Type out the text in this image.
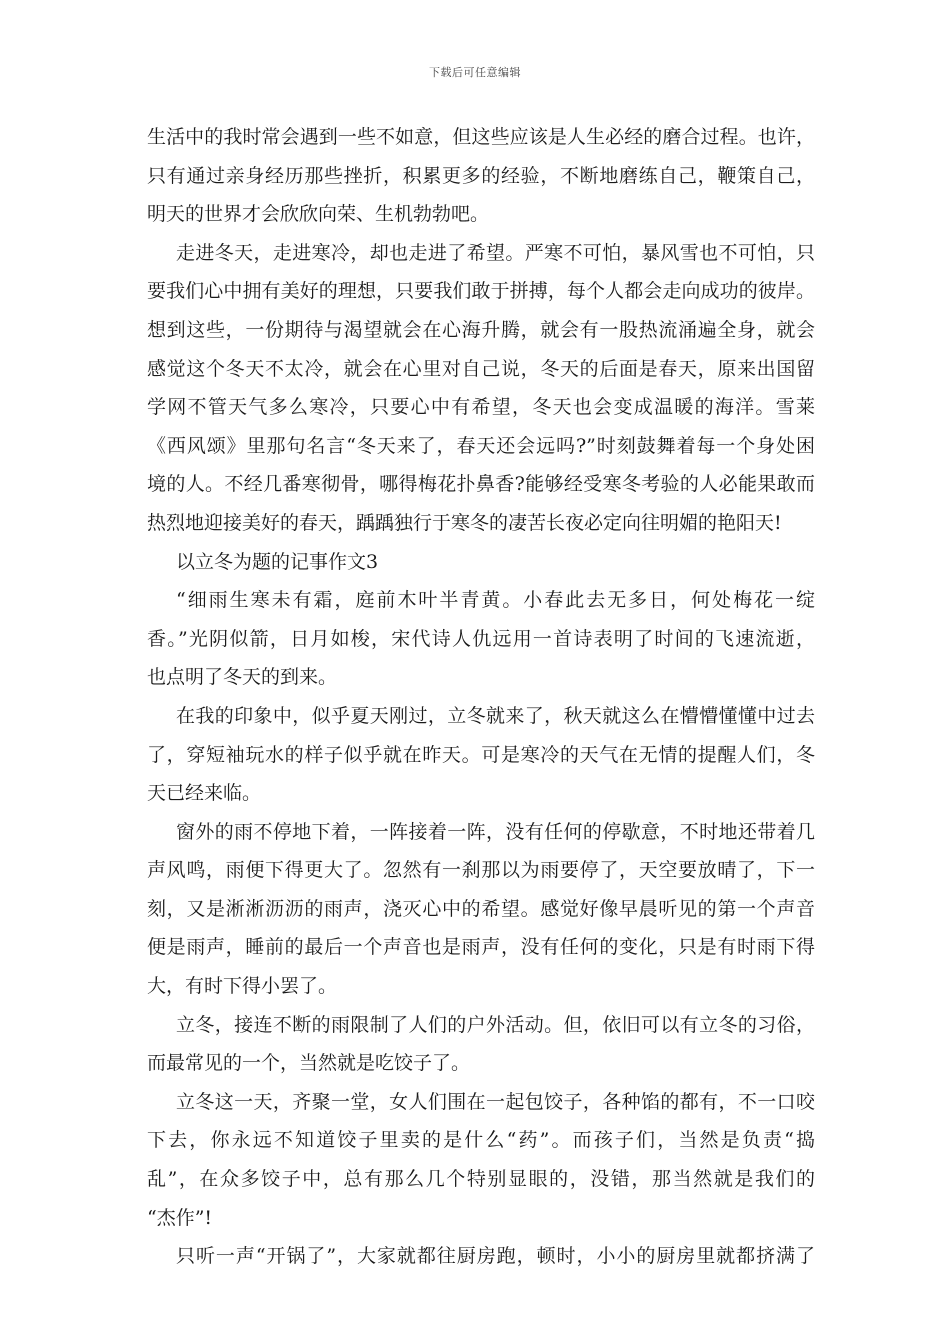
下载后可任意编辑
生活中的我时常会遇到一些不如意，但这些应该是人生必经的磨合过程。也许，
只有通过亲身经历那些挫折，积累更多的经验，不断地磨练自己，鞭策自己，
明天的世界才会欣欣向荣、生机勃勃吧。
走进冬天，走进寒冷，却也走进了希望。严寒不可怕，暴风雪也不可怕，只
要我们心中拥有美好的理想，只要我们敢于拼搏，每个人都会走向成功的彼岸。
想到这些，一份期待与渴望就会在心海升腾，就会有一股热流涌遍全身，就会
感觉这个冬天不太冷，就会在心里对自己说，冬天的后面是春天，原来出国留
学网不管天气多么寒冷，只要心中有希望，冬天也会变成温暖的海洋。雪莱
《西风颂》里那句名言“冬天来了，春天还会远吗?”时刻鼓舞着每一个身处困
境的人。不经几番寒彻骨，哪得梅花扑鼻香?能够经受寒冬考验的人必能果敢而
热烈地迎接美好的春天，踽踽独行于寒冬的凄苦长夜必定向往明媚的艳阳天!
以立冬为题的记事作文3
“细雨生寒未有霜，庭前木叶半青黄。小春此去无多日，何处梅花一绽
香。”光阴似箭，日月如梭，宋代诗人仇远用一首诗表明了时间的飞速流逝，
也点明了冬天的到来。
在我的印象中，似乎夏天刚过，立冬就来了，秋天就这么在懵懵懂懂中过去
了，穿短袖玩水的样子似乎就在昨天。可是寒冷的天气在无情的提醒人们，冬
天已经来临。
窗外的雨不停地下着，一阵接着一阵，没有任何的停歇意，不时地还带着几
声风鸣，雨便下得更大了。忽然有一刹那以为雨要停了，天空要放晴了，下一
刻，又是淅淅沥沥的雨声，浇灭心中的希望。感觉好像早晨听见的第一个声音
便是雨声，睡前的最后一个声音也是雨声，没有任何的变化，只是有时雨下得
大，有时下得小罢了。
立冬，接连不断的雨限制了人们的户外活动。但，依旧可以有立冬的习俗，
而最常见的一个，当然就是吃饺子了。
立冬这一天，齐聚一堂，女人们围在一起包饺子，各种馅的都有，不一口咬
下去，你永远不知道饺子里卖的是什么“药”。而孩子们，当然是负责“捣
乱”，在众多饺子中，总有那么几个特别显眼的，没错，那当然就是我们的
“杰作”!
只听一声“开锅了”，大家就都往厨房跑，顿时，小小的厨房里就都挤满了
